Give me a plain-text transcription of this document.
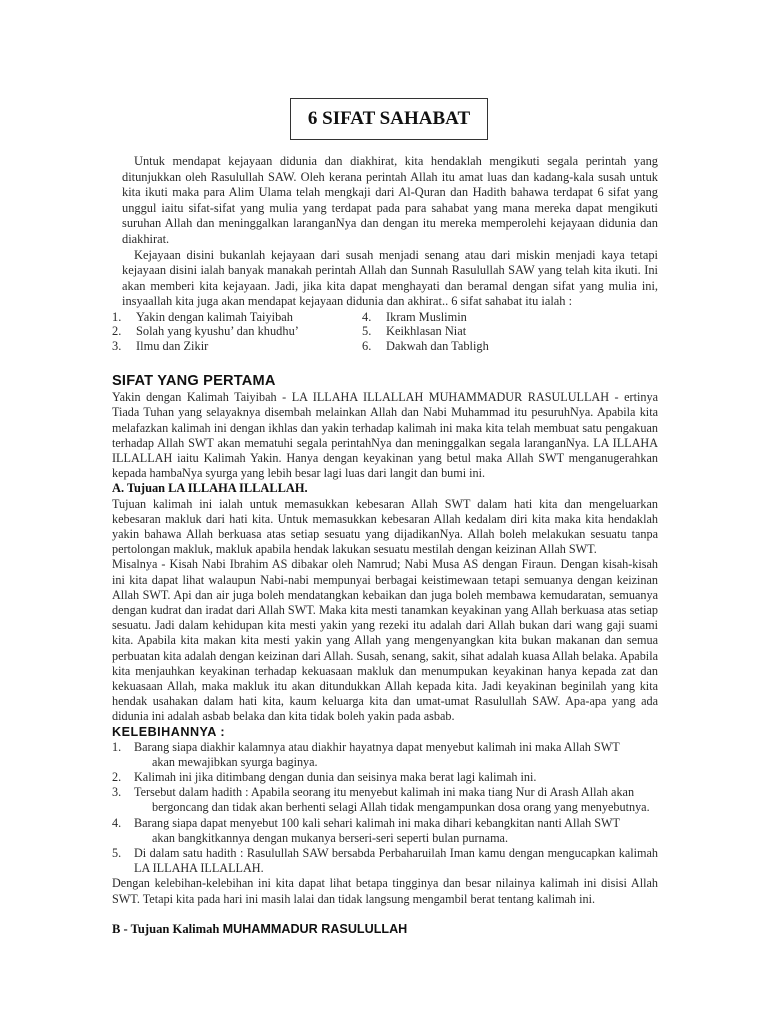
6 SIFAT SAHABAT

Untuk mendapat kejayaan didunia dan diakhirat, kita hendaklah mengikuti segala perintah yang ditunjukkan oleh Rasulullah SAW. Oleh kerana perintah Allah itu amat luas dan kadang-kala susah untuk kita ikuti maka para Alim Ulama telah mengkaji dari Al-Quran dan Hadith bahawa terdapat 6 sifat yang unggul iaitu sifat-sifat yang mulia yang terdapat pada para sahabat yang mana mereka dapat mengikuti suruhan Allah dan meninggalkan laranganNya dan dengan itu mereka memperolehi kejayaan didunia dan diakhirat.

Kejayaan disini bukanlah kejayaan dari susah menjadi senang atau dari miskin menjadi kaya tetapi kejayaan disini ialah banyak manakah perintah Allah dan Sunnah Rasulullah SAW yang telah kita ikuti. Ini akan memberi kita kejayaan. Jadi, jika kita dapat menghayati dan beramal dengan sifat yang mulia ini, insyaallah kita juga akan mendapat kejayaan didunia dan akhirat.. 6 sifat sahabat itu ialah :

1.	Yakin dengan kalimah Taiyibah	4.	Ikram Muslimin
2.	Solah yang kyushu’ dan khudhu’	5.	Keikhlasan Niat
3.	Ilmu dan Zikir	6.	Dakwah dan Tabligh
SIFAT YANG PERTAMA

Yakin dengan Kalimah Taiyibah - LA ILLAHA ILLALLAH MUHAMMADUR RASULULLAH - ertinya Tiada Tuhan yang selayaknya disembah melainkan Allah dan Nabi Muhammad itu pesuruhNya. Apabila kita melafazkan kalimah ini dengan ikhlas dan yakin terhadap kalimah ini maka kita telah membuat satu pengakuan terhadap Allah SWT akan mematuhi segala perintahNya dan meninggalkan segala laranganNya. LA ILLAHA ILLALLAH iaitu Kalimah Yakin. Hanya dengan keyakinan yang betul maka Allah SWT menganugerahkan kepada hambaNya syurga yang lebih besar lagi luas dari langit dan bumi ini.

A. Tujuan LA ILLAHA ILLALLAH.

Tujuan kalimah ini ialah untuk memasukkan kebesaran Allah SWT dalam hati kita dan mengeluarkan kebesaran makluk dari hati kita. Untuk memasukkan kebesaran Allah kedalam diri kita maka kita hendaklah yakin bahawa Allah berkuasa atas setiap sesuatu yang dijadikanNya. Allah boleh melakukan sesuatu tanpa pertolongan makluk, makluk apabila hendak lakukan sesuatu mestilah dengan keizinan Allah SWT.

Misalnya - Kisah Nabi Ibrahim AS dibakar oleh Namrud; Nabi Musa AS dengan Firaun. Dengan kisah-kisah ini kita dapat lihat walaupun Nabi-nabi mempunyai berbagai keistimewaan tetapi semuanya dengan keizinan Allah SWT. Api dan air juga boleh mendatangkan kebaikan dan juga boleh membawa kemudaratan, semuanya dengan kudrat dan iradat dari Allah SWT. Maka kita mesti tanamkan keyakinan yang Allah berkuasa atas setiap sesuatu. Jadi dalam kehidupan kita mesti yakin yang rezeki itu adalah dari Allah bukan dari wang gaji suami kita. Apabila kita makan kita mesti yakin yang Allah yang mengenyangkan kita bukan makanan dan semua perbuatan kita adalah dengan keizinan dari Allah. Susah, senang, sakit, sihat adalah kuasa Allah belaka. Apabila kita menjauhkan keyakinan terhadap kekuasaan makluk dan menumpukan keyakinan hanya kepada zat dan kekuasaan Allah, maka makluk itu akan ditundukkan Allah kepada kita. Jadi keyakinan beginilah yang kita hendak usahakan dalam hati kita, kaum keluarga kita dan umat-umat Rasulullah SAW. Apa-apa yang ada didunia ini adalah asbab belaka dan kita tidak boleh yakin pada asbab.

KELEBIHANNYA :
1.	Barang siapa diakhir kalamnya atau diakhir hayatnya dapat menyebut kalimah ini maka Allah SWT
akan mewajibkan syurga baginya.
2.	Kalimah ini jika ditimbang dengan dunia dan seisinya maka berat lagi kalimah ini.
3.	Tersebut dalam hadith : Apabila seorang itu menyebut kalimah ini maka tiang Nur di Arash Allah akan
bergoncang dan tidak akan berhenti selagi Allah tidak mengampunkan dosa orang yang menyebutnya.
4.	Barang siapa dapat menyebut 100 kali sehari kalimah ini maka dihari kebangkitan nanti Allah SWT
akan bangkitkannya dengan mukanya berseri-seri seperti bulan purnama.
5.	Di dalam satu hadith : Rasulullah SAW bersabda Perbaharuilah Iman kamu dengan mengucapkan kalimah LA ILLAHA ILLALLAH.

Dengan kelebihan-kelebihan ini kita dapat lihat betapa tingginya dan besar nilainya kalimah ini disisi Allah SWT. Tetapi kita pada hari ini masih lalai dan tidak langsung mengambil berat tentang kalimah ini.

B - Tujuan Kalimah MUHAMMADUR RASULULLAH
